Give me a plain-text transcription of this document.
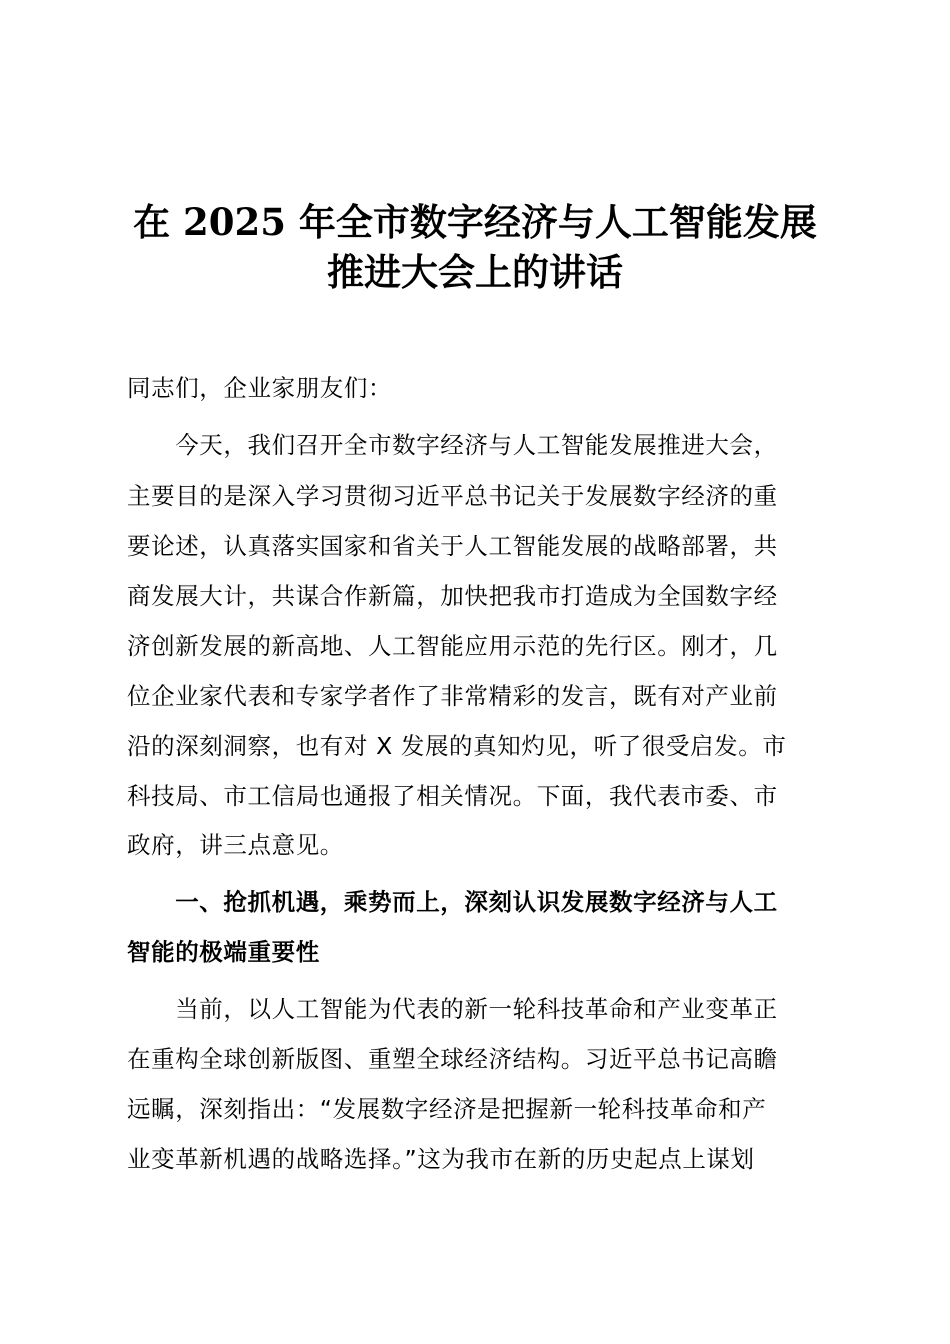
在 2025 年全市数字经济与人工智能发展
推进大会上的讲话
同志们，企业家朋友们：
　　今天，我们召开全市数字经济与人工智能发展推进大会，
主要目的是深入学习贯彻习近平总书记关于发展数字经济的重
要论述，认真落实国家和省关于人工智能发展的战略部署，共
商发展大计，共谋合作新篇，加快把我市打造成为全国数字经
济创新发展的新高地、人工智能应用示范的先行区。刚才，几
位企业家代表和专家学者作了非常精彩的发言，既有对产业前
沿的深刻洞察，也有对 X 发展的真知灼见，听了很受启发。市
科技局、市工信局也通报了相关情况。下面，我代表市委、市
政府，讲三点意见。
　　一、抢抓机遇，乘势而上，深刻认识发展数字经济与人工
智能的极端重要性
　　当前，以人工智能为代表的新一轮科技革命和产业变革正
在重构全球创新版图、重塑全球经济结构。习近平总书记高瞻
远瞩，深刻指出：“发展数字经济是把握新一轮科技革命和产
业变革新机遇的战略选择。”这为我市在新的历史起点上谋划
